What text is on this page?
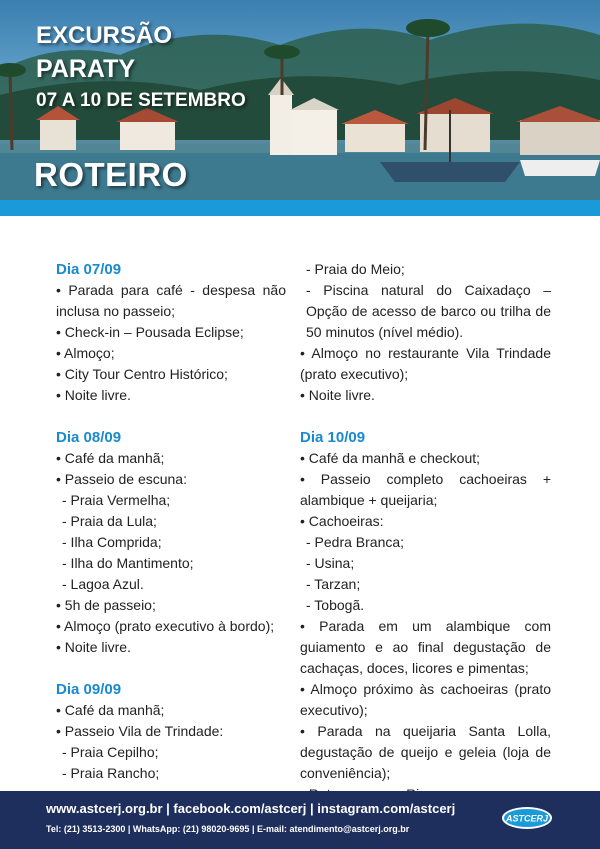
EXCURSÃO
PARATY
07 A 10 DE SETEMBRO
ROTEIRO

Dia 07/09

• Parada para café - despesa não inclusa no passeio;

• Check-in – Pousada Eclipse;

• Almoço;

• City Tour Centro Histórico;

• Noite livre.

Dia 08/09

• Café da manhã;

• Passeio de escuna:

- Praia Vermelha;

- Praia da Lula;

- Ilha Comprida;

- Ilha do Mantimento;

- Lagoa Azul.

• 5h de passeio;

• Almoço (prato executivo à bordo);

• Noite livre.

Dia 09/09

• Café da manhã;

• Passeio Vila de Trindade:

- Praia Cepilho;

- Praia Rancho;

- Praia do Meio;

- Piscina natural do Caixadaço – Opção de acesso de barco ou trilha de 50 minutos (nível médio).

• Almoço no restaurante Vila Trindade (prato executivo);

• Noite livre.

Dia 10/09

• Café da manhã e checkout;

• Passeio completo cachoeiras + alambique + queijaria;

• Cachoeiras:

- Pedra Branca;

- Usina;

- Tarzan;

- Tobogã.

• Parada em um alambique com guiamento e ao final degustação de cachaças, doces, licores e pimentas;

• Almoço próximo às cachoeiras (prato executivo);

• Parada na queijaria Santa Lolla, degustação de queijo e geleia (loja de conveniência);

www.astcerj.org.br | facebook.com/astcerj | instagram.com/astcerj
Tel: (21) 3513-2300 | WhatsApp: (21) 98020-9695 | E-mail: atendimento@astcerj.org.br
ASTCERJ
